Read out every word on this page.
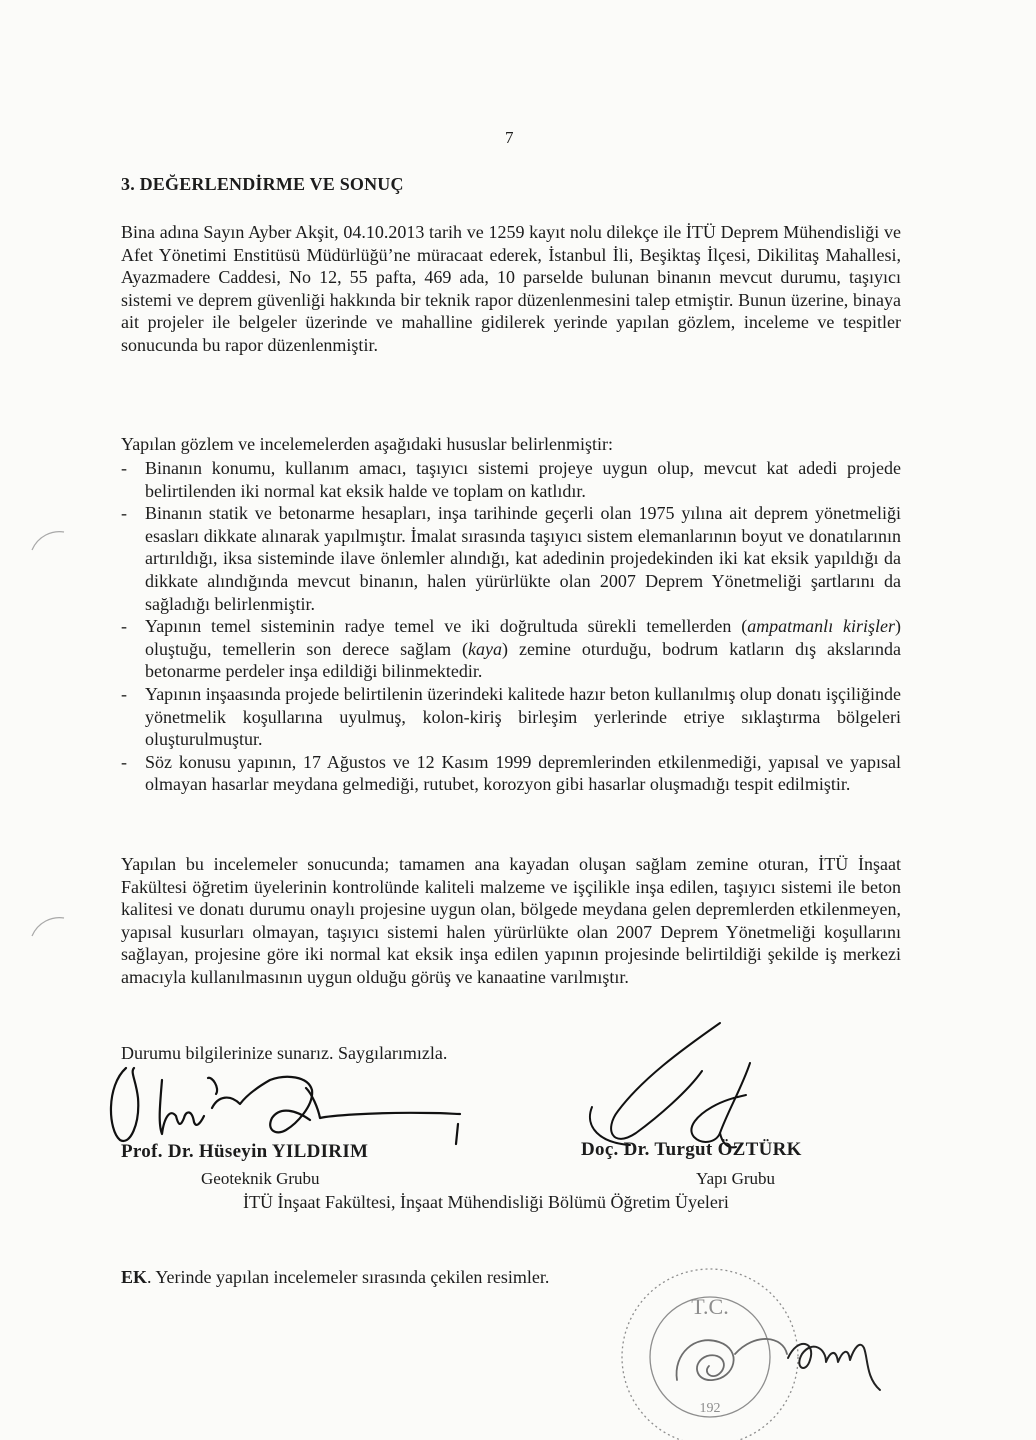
7
3. DEĞERLENDİRME VE SONUÇ

Bina adına Sayın Ayber Akşit, 04.10.2013 tarih ve 1259 kayıt nolu dilekçe ile İTÜ Deprem Mühendisliği ve Afet Yönetimi Enstitüsü Müdürlüğü’ne müracaat ederek, İstanbul İli, Beşiktaş İlçesi, Dikilitaş Mahallesi, Ayazmadere Caddesi, No 12, 55 pafta, 469 ada, 10 parselde bulunan binanın mevcut durumu, taşıyıcı sistemi ve deprem güvenliği hakkında bir teknik rapor düzenlenmesini talep etmiştir. Bunun üzerine, binaya ait projeler ile belgeler üzerinde ve mahalline gidilerek yerinde yapılan gözlem, inceleme ve tespitler sonucunda bu rapor düzenlenmiştir.

Yapılan gözlem ve incelemelerden aşağıdaki hususlar belirlenmiştir:

- Binanın konumu, kullanım amacı, taşıyıcı sistemi projeye uygun olup, mevcut kat adedi projede belirtilenden iki normal kat eksik halde ve toplam on katlıdır.
- Binanın statik ve betonarme hesapları, inşa tarihinde geçerli olan 1975 yılına ait deprem yönetmeliği esasları dikkate alınarak yapılmıştır. İmalat sırasında taşıyıcı sistem elemanlarının boyut ve donatılarının artırıldığı, iksa sisteminde ilave önlemler alındığı, kat adedinin projedekinden iki kat eksik yapıldığı da dikkate alındığında mevcut binanın, halen yürürlükte olan 2007 Deprem Yönetmeliği şartlarını da sağladığı belirlenmiştir.
- Yapının temel sisteminin radye temel ve iki doğrultuda sürekli temellerden (ampatmanlı kirişler) oluştuğu, temellerin son derece sağlam (kaya) zemine oturduğu, bodrum katların dış akslarında betonarme perdeler inşa edildiği bilinmektedir.
- Yapının inşaasında projede belirtilenin üzerindeki kalitede hazır beton kullanılmış olup donatı işçiliğinde yönetmelik koşullarına uyulmuş, kolon-kiriş birleşim yerlerinde etriye sıklaştırma bölgeleri oluşturulmuştur.
- Söz konusu yapının, 17 Ağustos ve 12 Kasım 1999 depremlerinden etkilenmediği, yapısal ve yapısal olmayan hasarlar meydana gelmediği, rutubet, korozyon gibi hasarlar oluşmadığı tespit edilmiştir.

Yapılan bu incelemeler sonucunda; tamamen ana kayadan oluşan sağlam zemine oturan, İTÜ İnşaat Fakültesi öğretim üyelerinin kontrolünde kaliteli malzeme ve işçilikle inşa edilen, taşıyıcı sistemi ile beton kalitesi ve donatı durumu onaylı projesine uygun olan, bölgede meydana gelen depremlerden etkilenmeyen, yapısal kusurları olmayan, taşıyıcı sistemi halen yürürlükte olan 2007 Deprem Yönetmeliği koşullarını sağlayan, projesine göre iki normal kat eksik inşa edilen yapının projesinde belirtildiği şekilde iş merkezi amacıyla kullanılmasının uygun olduğu görüş ve kanaatine varılmıştır.

Durumu bilgilerinize sunarız. Saygılarımızla.

Prof. Dr. Hüseyin YILDIRIM	Doç. Dr. Turgut ÖZTÜRK
Geoteknik Grubu	Yapı Grubu
İTÜ İnşaat Fakültesi, İnşaat Mühendisliği Bölümü Öğretim Üyeleri
EK. Yerinde yapılan incelemeler sırasında çekilen resimler.
T.C.
192
